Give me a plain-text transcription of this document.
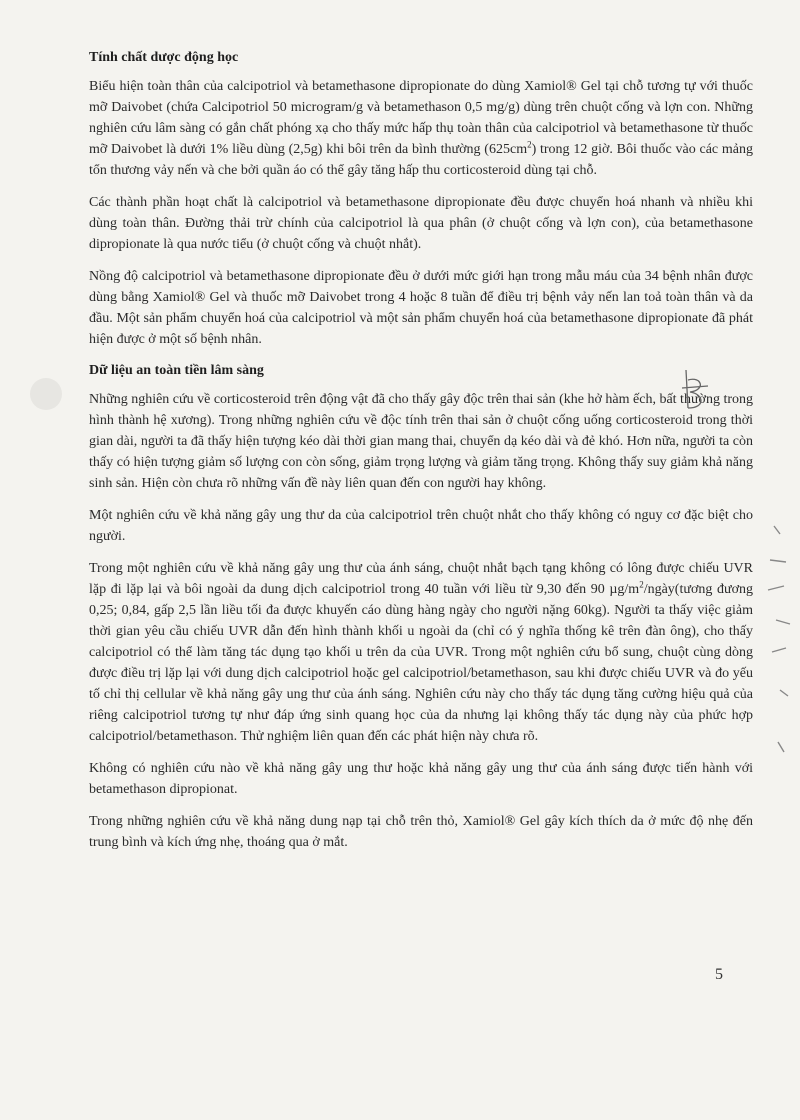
Tính chất dược động học

Biểu hiện toàn thân của calcipotriol và betamethasone dipropionate do dùng Xamiol® Gel tại chỗ tương tự với thuốc mỡ Daivobet (chứa Calcipotriol 50 microgram/g và betamethason 0,5 mg/g) dùng trên chuột cống và lợn con. Những nghiên cứu lâm sàng có gắn chất phóng xạ cho thấy mức hấp thụ toàn thân của calcipotriol và betamethasone từ thuốc mỡ Daivobet là dưới 1% liều dùng (2,5g) khi bôi trên da bình thường $(625cm^2)$ trong 12 giờ. Bôi thuốc vào các mảng tổn thương vảy nến và che bởi quần áo có thể gây tăng hấp thu corticosteroid dùng tại chỗ.

Các thành phần hoạt chất là calcipotriol và betamethasone dipropionate đều được chuyển hoá nhanh và nhiều khi dùng toàn thân. Đường thải trừ chính của calcipotriol là qua phân (ở chuột cống và lợn con), của betamethasone dipropionate là qua nước tiểu (ở chuột cống và chuột nhắt).

Nồng độ calcipotriol và betamethasone dipropionate đều ở dưới mức giới hạn trong mẫu máu của 34 bệnh nhân được dùng bằng Xamiol® Gel và thuốc mỡ Daivobet trong 4 hoặc 8 tuần để điều trị bệnh vảy nến lan toả toàn thân và da đầu. Một sản phẩm chuyển hoá của calcipotriol và một sản phẩm chuyển hoá của betamethasone dipropionate đã phát hiện được ở một số bệnh nhân.

Dữ liệu an toàn tiền lâm sàng

Những nghiên cứu về corticosteroid trên động vật đã cho thấy gây độc trên thai sản (khe hở hàm ếch, bất thường trong hình thành hệ xương). Trong những nghiên cứu về độc tính trên thai sản ở chuột cống uống corticosteroid trong thời gian dài, người ta đã thấy hiện tượng kéo dài thời gian mang thai, chuyển dạ kéo dài và đẻ khó. Hơn nữa, người ta còn thấy có hiện tượng giảm số lượng con còn sống, giảm trọng lượng và giảm tăng trọng. Không thấy suy giảm khả năng sinh sản. Hiện còn chưa rõ những vấn đề này liên quan đến con người hay không.

Một nghiên cứu về khả năng gây ung thư da của calcipotriol trên chuột nhắt cho thấy không có nguy cơ đặc biệt cho người.

Trong một nghiên cứu về khả năng gây ung thư của ánh sáng, chuột nhắt bạch tạng không có lông được chiếu UVR lặp đi lặp lại và bôi ngoài da dung dịch calcipotriol trong 40 tuần với liều từ 9,30 đến 90 $\mu g/m^2/ngày(tương$ đương 0,25; 0,84, gấp 2,5 lần liều tối đa được khuyến cáo dùng hàng ngày cho người nặng 60kg). Người ta thấy việc giảm thời gian yêu cầu chiếu UVR dẫn đến hình thành khối u ngoài da (chỉ có ý nghĩa thống kê trên đàn ông), cho thấy calcipotriol có thể làm tăng tác dụng tạo khối u trên da của UVR. Trong một nghiên cứu bổ sung, chuột cùng dòng được điều trị lặp lại với dung dịch calcipotriol hoặc gel calcipotriol/betamethason, sau khi được chiếu UVR và đo yếu tố chỉ thị cellular về khả năng gây ung thư của ánh sáng. Nghiên cứu này cho thấy tác dụng tăng cường hiệu quả của riêng calcipotriol tương tự như đáp ứng sinh quang học của da nhưng lại không thấy tác dụng này của phức hợp calcipotriol/betamethason. Thử nghiệm liên quan đến các phát hiện này chưa rõ.

Không có nghiên cứu nào về khả năng gây ung thư hoặc khả năng gây ung thư của ánh sáng được tiến hành với betamethason dipropionat.

Trong những nghiên cứu về khả năng dung nạp tại chỗ trên thỏ, Xamiol® Gel gây kích thích da ở mức độ nhẹ đến trung bình và kích ứng nhẹ, thoáng qua ở mắt.

5
